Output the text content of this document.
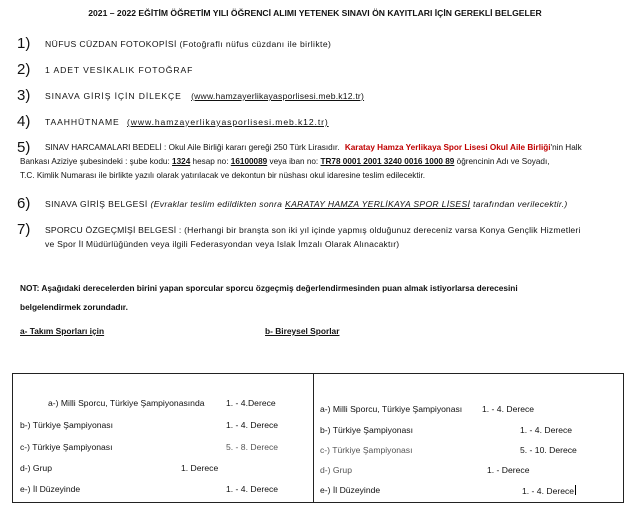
2021 – 2022 EĞİTİM ÖĞRETİM YILI ÖĞRENCİ ALIMI YETENEK SINAVI ÖN KAYITLARI İÇİN GEREKLİ BELGELER
1) NÜFUS CÜZDAN FOTOKOPİSİ (Fotoğraflı nüfus cüzdanı ile birlikte)
2) 1 ADET VESİKALIK FOTOĞRAF
3) SINAVA GİRİŞ İÇİN DİLEKÇE (www.hamzayerlikayasporlisesi.meb.k12.tr)
4) TAAHHÜTNAME (www.hamzayerlikayasporlisesi.meb.k12.tr)
5) SINAV HARCAMALARI BEDELİ : Okul Aile Birliği kararı gereği 250 Türk Lirasıdır. Karatay Hamza Yerlikaya Spor Lisesi Okul Aile Birliği'nin Halk
Bankası Aziziye şubesindeki : şube kodu: 1324 hesap no: 16100089 veya iban no: TR78 0001 2001 3240 0016 1000 89 öğrencinin Adı ve Soyadı,
T.C. Kimlik Numarası ile birlikte yazılı olarak yatırılacak ve dekontun bir nüshası okul idaresine teslim edilecektir.
6) SINAVA GİRİŞ BELGESİ (Evraklar teslim edildikten sonra KARATAY HAMZA YERLİKAYA SPOR LİSESİ tarafından verilecektir.)
7) SPORCU ÖZGEÇMİŞİ BELGESİ : (Herhangi bir branşta son iki yıl içinde yapmış olduğunuz dereceniz varsa Konya Gençlik Hizmetleri
ve Spor İl Müdürlüğünden veya ilgili Federasyondan veya Islak İmzalı Olarak Alınacaktır)
NOT: Aşağıdaki derecelerden birini yapan sporcular sporcu özgeçmiş değerlendirmesinden puan almak istiyorlarsa derecesini
belgelendirmek zorundadır.
a- Takım Sporları için	b- Bireysel Sporlar
a-) Milli Sporcu, Türkiye Şampiyonasında 1. - 4.Derece
b-) Türkiye Şampiyonası	1. - 4. Derece
c-) Türkiye Şampiyonası	5. - 8. Derece
d-) Grup	1. Derece
e-) İl Düzeyinde	1. - 4. Derece
a-) Milli Sporcu, Türkiye Şampiyonası 1. - 4. Derece
b-) Türkiye Şampiyonası	1. - 4. Derece
c-) Türkiye Şampiyonası	5. - 10. Derece
d-) Grup	1. - Derece
e-) İl Düzeyinde	1. - 4. Derece
